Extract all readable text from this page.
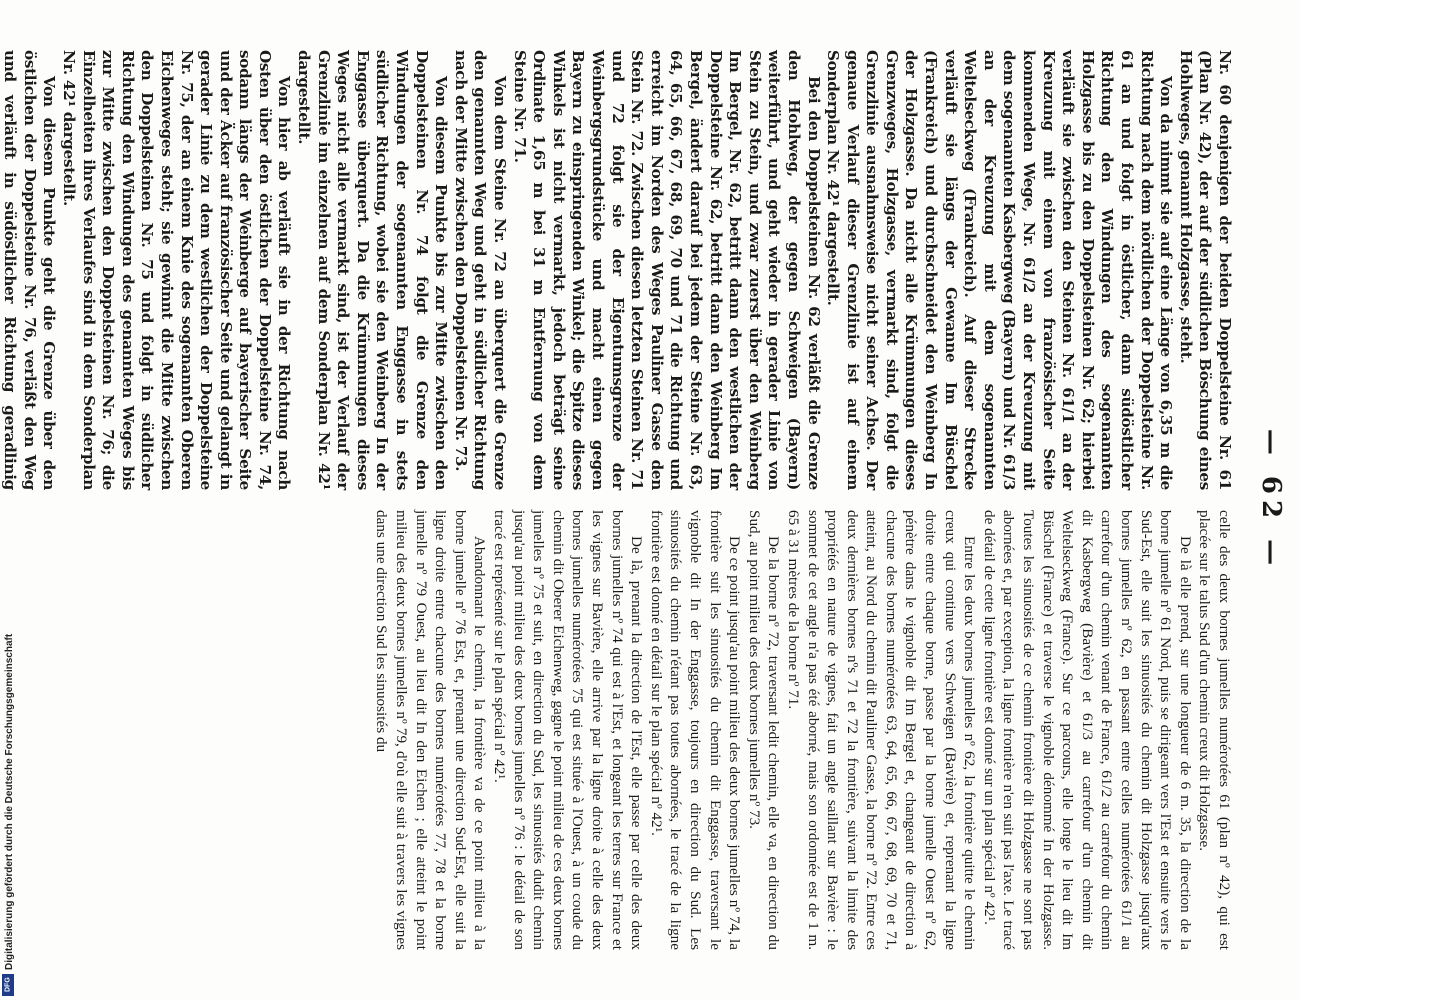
— 62 —

Nr. 60 denjenigen der beiden Doppelsteine Nr. 61 (Plan Nr. 42), der auf der südlichen Böschung eines Hohlweges, genannt Holzgasse, steht.

Von da nimmt sie auf eine Länge von 6,35 m die Richtung nach dem nördlichen der Doppelsteine Nr. 61 an und folgt in östlicher, dann südöstlicher Richtung den Windungen des sogenannten Holzgasse bis zu den Doppelsteinen Nr. 62; hierbei verläuft sie zwischen den Steinen Nr. 61/1 an der Kreuzung mit einem von französischer Seite kommenden Wege, Nr. 61/2 an der Kreuzung mit dem sogenannten Kasbergweg (Bayern) und Nr. 61/3 an der Kreuzung mit dem sogenannten Weltelseckweg (Frankreich). Auf dieser Strecke verläuft sie längs der Gewanne Im Büschel (Frankreich) und durchschneidet den Weinberg In der Holzgasse. Da nicht alle Krümmungen dieses Grenzweges, Holzgasse, vermarkt sind, folgt die Grenzlinie ausnahmsweise nicht seiner Achse. Der genaue Verlauf dieser Grenzlinie ist auf einem Sonderplan Nr. 42¹ dargestellt.

Bei den Doppelsteinen Nr. 62 verläßt die Grenze den Hohlweg, der gegen Schweigen (Bayern) weiterführt, und geht wieder in gerader Linie von Stein zu Stein, und zwar zuerst über den Weinberg Im Bergel, Nr. 62, betritt dann den westlichen der Doppelsteine Nr. 62, betritt dann den Weinberg Im Bergel, ändert darauf bei jedem der Steine Nr. 63, 64, 65, 66, 67, 68, 69, 70 und 71 die Richtung und erreicht im Norden des Weges Pauliner Gasse den Stein Nr. 72. Zwischen diesen letzten Steinen Nr. 71 und 72 folgt sie der Eigentumsgrenze der Weinbergsgrundstücke und macht einen gegen Bayern zu einspringenden Winkel; die Spitze dieses Winkels ist nicht vermarkt, jedoch beträgt seine Ordinate 1,65 m bei 31 m Entfernung von dem Steine Nr. 71.

Von dem Steine Nr. 72 an überquert die Grenze den genannten Weg und geht in südlicher Richtung nach der Mitte zwischen den Doppelsteinen Nr. 73.

Von diesem Punkte bis zur Mitte zwischen den Doppelsteinen Nr. 74 folgt die Grenze den Windungen der sogenannten Enggasse in stets südlicher Richtung, wobei sie den Weinberg In der Enggasse überquert. Da die Krümmungen dieses Weges nicht alle vermarkt sind, ist der Verlauf der Grenzlinie im einzelnen auf dem Sonderplan Nr. 42¹ dargestellt.

Von hier ab verläuft sie in der Richtung nach Osten über den östlichen der Doppelsteine Nr. 74, sodann längs der Weinberge auf bayerischer Seite und der Äcker auf französischer Seite und gelangt in gerader Linie zu dem westlichen der Doppelsteine Nr. 75, der an einem Knie des sogenannten Oberen Eichenweges steht; sie gewinnt die Mitte zwischen den Doppelsteinen Nr. 75 und folgt in südlicher Richtung den Windungen des genannten Weges bis zur Mitte zwischen den Doppelsteinen Nr. 76; die Einzelheiten ihres Verlaufes sind in dem Sonderplan Nr. 42¹ dargestellt.

Von diesem Punkte geht die Grenze über den östlichen der Doppelsteine Nr. 76, verläßt den Weg und verläuft in südöstlicher Richtung geradlinig

celle des deux bornes jumelles numérotées 61 (plan nº 42), qui est placée sur le talus Sud d'un chemin creux dit Holzgasse.

De là elle prend, sur une longueur de 6 m. 35, la direction de la borne jumelle nº 61 Nord, puis se dirigeant vers l'Est et ensuite vers le Sud-Est, elle suit les sinuosités du chemin dit Holzgasse jusqu'aux bornes jumelles nº 62, en passant entre celles numérotées 61/1 au carrefour d'un chemin venant de France, 61/2 au carrefour du chemin dit Kasbergweg (Bavière) et 61/3 au carrefour d'un chemin dit Weltelseckweg (France). Sur ce parcours, elle longe le lieu dit Im Büschel (France) et traverse le vignoble dénommé In der Holzgasse. Toutes les sinuosités de ce chemin frontière dit Holzgasse ne sont pas abornées et, par exception, la ligne frontière n'en suit pas l'axe. Le tracé de détail de cette ligne frontière est donné sur un plan spécial nº 42¹.

Entre les deux bornes jumelles nº 62, la frontière quitte le chemin creux qui continue vers Schweigen (Bavière) et, reprenant la ligne droite entre chaque borne, passe par la borne jumelle Ouest nº 62, pénètre dans le vignoble dit Im Bergel et, changeant de direction à chacune des bornes numérotées 63, 64, 65, 66, 67, 68, 69, 70 et 71, atteint, au Nord du chemin dit Pauliner Gasse, la borne nº 72. Entre ces deux dernières bornes nºs 71 et 72 la frontière, suivant la limite des propriétés en nature de vignes, fait un angle saillant sur Bavière : le sommet de cet angle n'a pas été aborné, mais son ordonnée est de 1 m. 65 à 31 mètres de la borne nº 71.

De la borne nº 72, traversant ledit chemin, elle va, en direction du Sud, au point milieu des deux bornes jumelles nº 73.

De ce point jusqu'au point milieu des deux bornes jumelles nº 74, la frontière suit les sinuosités du chemin dit Enggasse, traversant le vignoble dit In der Enggasse, toujours en direction du Sud. Les sinuosités du chemin n'étant pas toutes abornées, le tracé de la ligne frontière est donné en détail sur le plan spécial nº 42¹.

De là, prenant la direction de l'Est, elle passe par celle des deux bornes jumelles nº 74 qui est à l'Est, et longeant les terres sur France et les vignes sur Bavière, elle arrive par la ligne droite à celle des deux bornes jumelles numérotées 75 qui est située à l'Ouest, à un coude du chemin dit Oberer Eichenweg, gagne le point milieu de ces deux bornes jumelles nº 75 et suit, en direction du Sud, les sinuosités dudit chemin jusqu'au point milieu des deux bornes jumelles nº 76 : le détail de son tracé est représenté sur le plan spécial nº 42¹.

Abandonnant le chemin, la frontière va de ce point milieu à la borne jumelle nº 76 Est, et, prenant une direction Sud-Est, elle suit la ligne droite entre chacune des bornes numérotées 77, 78 et la borne jumelle nº 79 Ouest, au lieu dit In den Eichen ; elle atteint le point milieu des deux bornes jumelles nº 79, d'où elle suit à travers les vignes dans une direction Sud les sinuosités du

Digitalisierung gefördert durch die Deutsche Forschungsgemeinschaft
DFG
